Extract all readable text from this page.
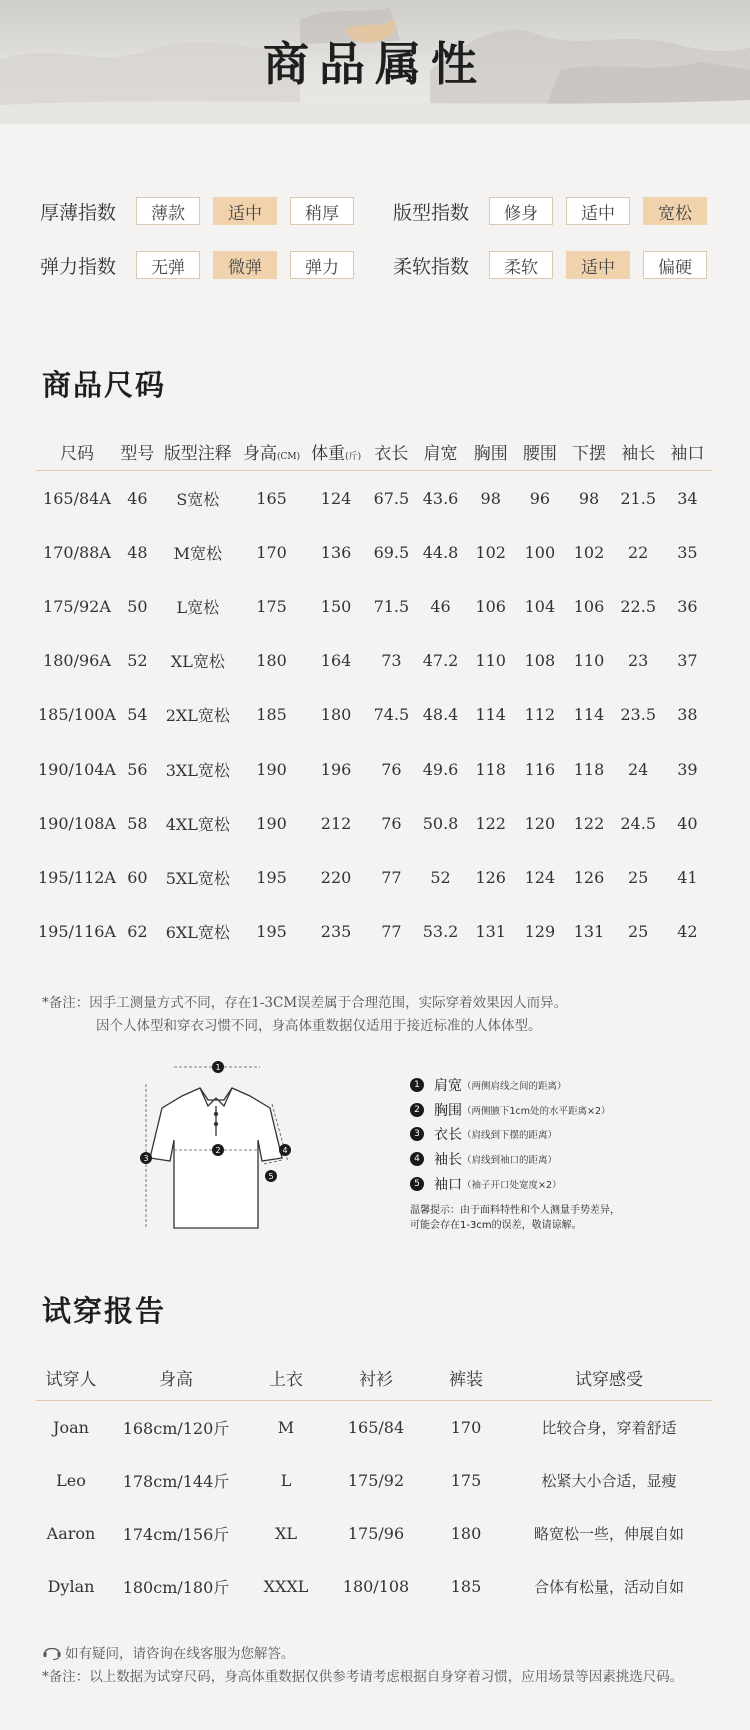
商品属性
厚薄指数	薄款	适中	稍厚	版型指数	修身	适中	宽松
弹力指数	无弹	微弹	弹力	柔软指数	柔软	适中	偏硬
商品尺码
尺码	型号	版型注释	身高(CM)	体重(斤)	衣长	肩宽	胸围	腰围	下摆	袖长	袖口
165/84A	46	S宽松	165	124	67.5	43.6	98	96	98	21.5	34
170/88A	48	M宽松	170	136	69.5	44.8	102	100	102	22	35
175/92A	50	L宽松	175	150	71.5	46	106	104	106	22.5	36
180/96A	52	XL宽松	180	164	73	47.2	110	108	110	23	37
185/100A	54	2XL宽松	185	180	74.5	48.4	114	112	114	23.5	38
190/104A	56	3XL宽松	190	196	76	49.6	118	116	118	24	39
190/108A	58	4XL宽松	190	212	76	50.8	122	120	122	24.5	40
195/112A	60	5XL宽松	195	220	77	52	126	124	126	25	41
195/116A	62	6XL宽松	195	235	77	53.2	131	129	131	25	42
*备注：因手工测量方式不同，存在1-3CM误差属于合理范围，实际穿着效果因人而异。
因个人体型和穿衣习惯不同，身高体重数据仅适用于接近标准的人体体型。
1
2
3
4
5
1 肩宽 （两侧肩线之间的距离）
2 胸围 （两侧腋下1cm处的水平距离×2）
3 衣长 （肩线到下摆的距离）
4 袖长 （肩线到袖口的距离）
5 袖口 （袖子开口处宽度×2）
温馨提示：由于面料特性和个人测量手势差异，
可能会存在1-3cm的误差，敬请谅解。
试穿报告
试穿人	身高	上衣	衬衫	裤装	试穿感受
Joan	168cm/120斤	M	165/84	170	比较合身，穿着舒适
Leo	178cm/144斤	L	175/92	175	松紧大小合适，显瘦
Aaron	174cm/156斤	XL	175/96	180	略宽松一些，伸展自如
Dylan	180cm/180斤	XXXL	180/108	185	合体有松量，活动自如
如有疑问，请咨询在线客服为您解答。
*备注：以上数据为试穿尺码，身高体重数据仅供参考请考虑根据自身穿着习惯，应用场景等因素挑选尺码。
